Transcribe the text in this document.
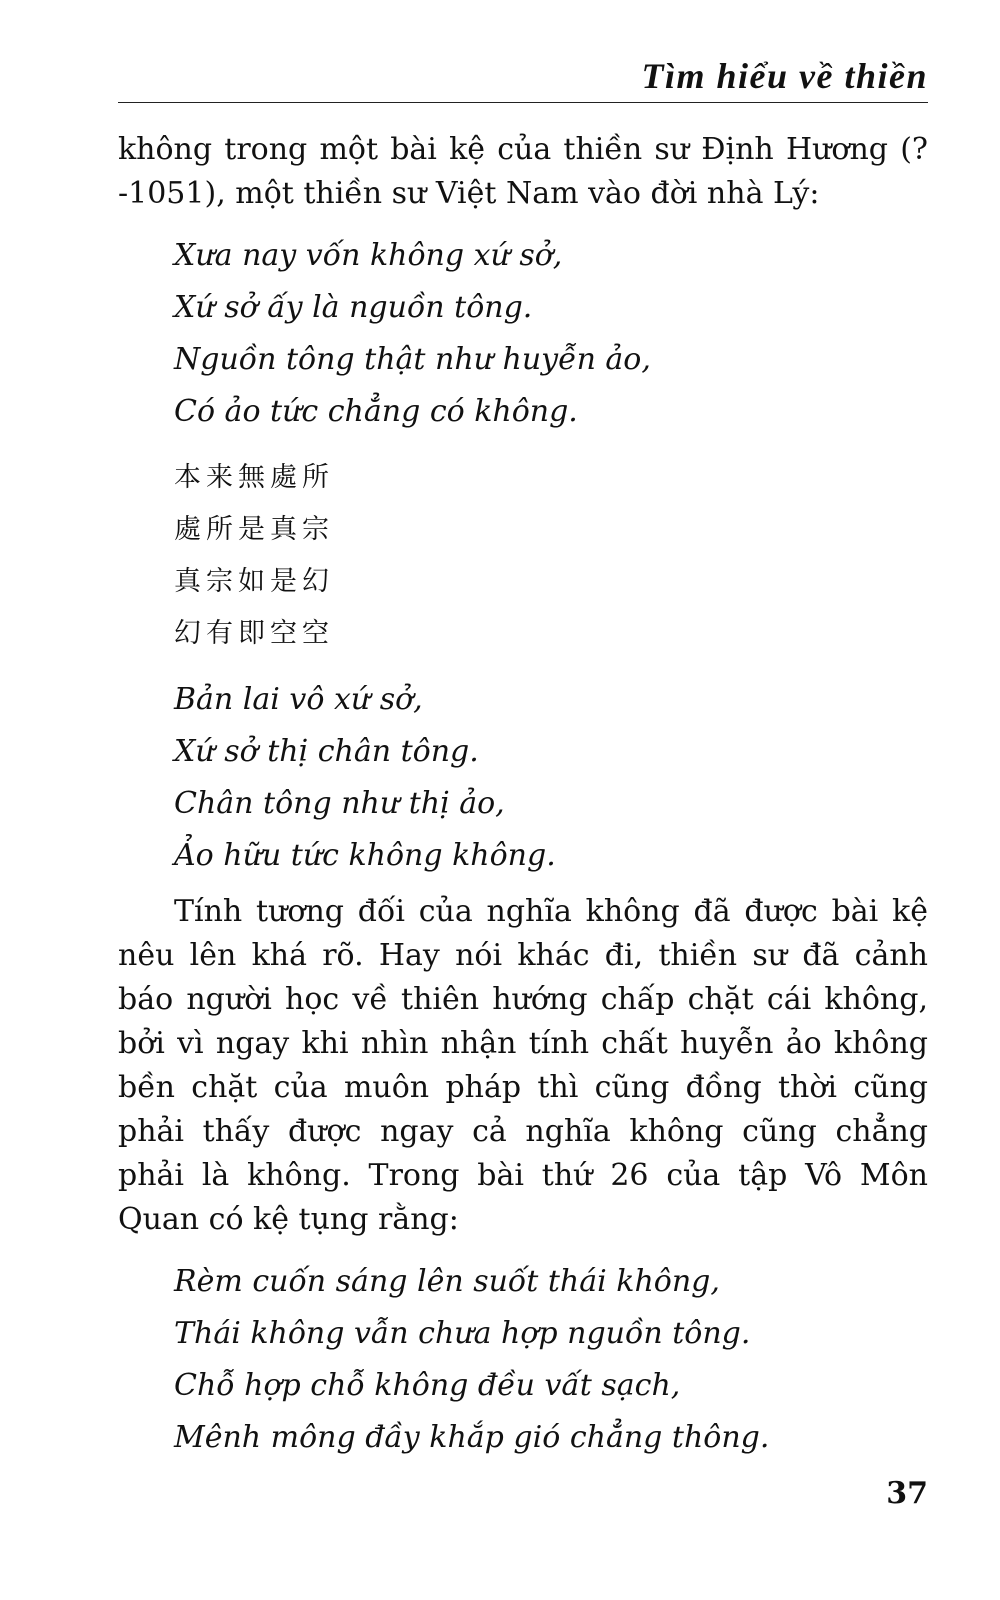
Tìm hiểu về thiền

không trong một bài kệ của thiền sư Định Hương (?-1051), một thiền sư Việt Nam vào đời nhà Lý:

Xưa nay vốn không xứ sở,
Xứ sở ấy là nguồn tông.
Nguồn tông thật như huyễn ảo,
Có ảo tức chẳng có không.
本来無處所
處所是真宗
真宗如是幻
幻有即空空
Bản lai vô xứ sở,
Xứ sở thị chân tông.
Chân tông như thị ảo,
Ảo hữu tức không không.

Tính tương đối của nghĩa không đã được bài kệ nêu lên khá rõ. Hay nói khác đi, thiền sư đã cảnh báo người học về thiên hướng chấp chặt cái không, bởi vì ngay khi nhìn nhận tính chất huyễn ảo không bền chặt của muôn pháp thì cũng đồng thời cũng phải thấy được ngay cả nghĩa không cũng chẳng phải là không. Trong bài thứ 26 của tập Vô Môn Quan có kệ tụng rằng:

Rèm cuốn sáng lên suốt thái không,
Thái không vẫn chưa hợp nguồn tông.
Chỗ hợp chỗ không đều vất sạch,
Mênh mông đầy khắp gió chẳng thông.
37
